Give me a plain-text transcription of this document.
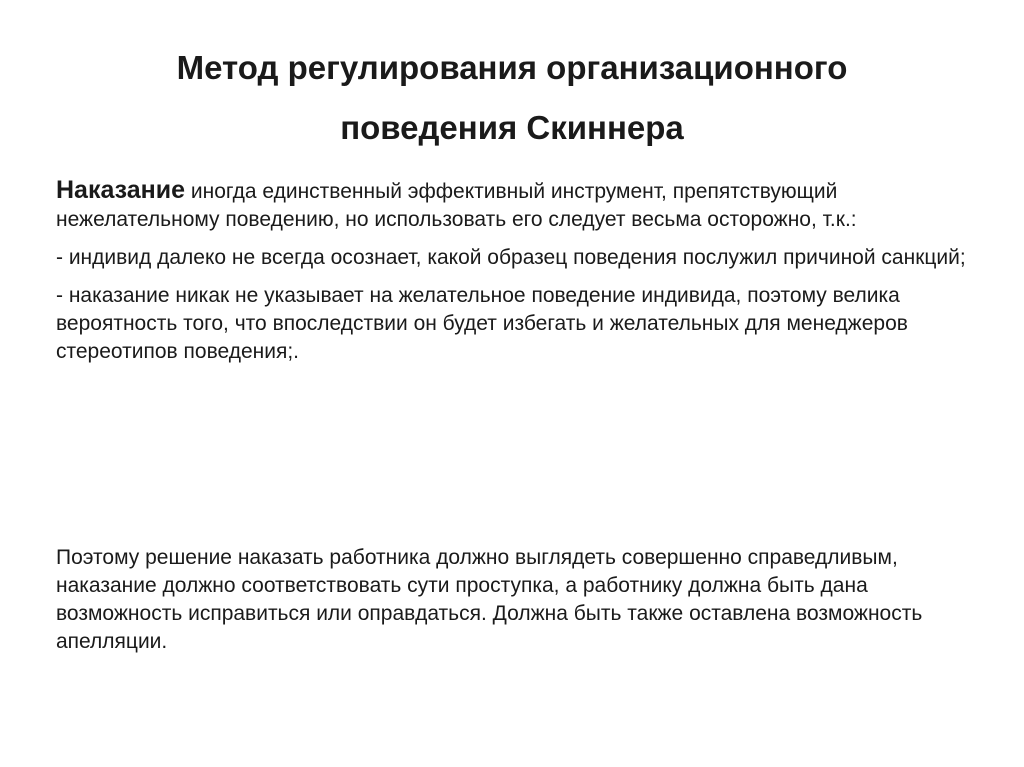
Метод регулирования организационного
поведения Скиннера

Наказание иногда единственный эффективный инструмент, препятствующий нежелательному поведению, но использовать его следует весьма осторожно, т.к.:

- индивид далеко не всегда осознает, какой образец поведения послужил причиной санкций;

- наказание никак не указывает на желательное поведение индивида, поэтому велика вероятность того, что впоследствии он будет избегать и желательных для менеджеров стереотипов поведения;.

Поэтому решение наказать работника должно выглядеть совершенно справедливым, наказание должно соответствовать сути проступка, а работнику должна быть дана возможность исправиться или оправдаться. Должна быть также оставлена возможность апелляции.
